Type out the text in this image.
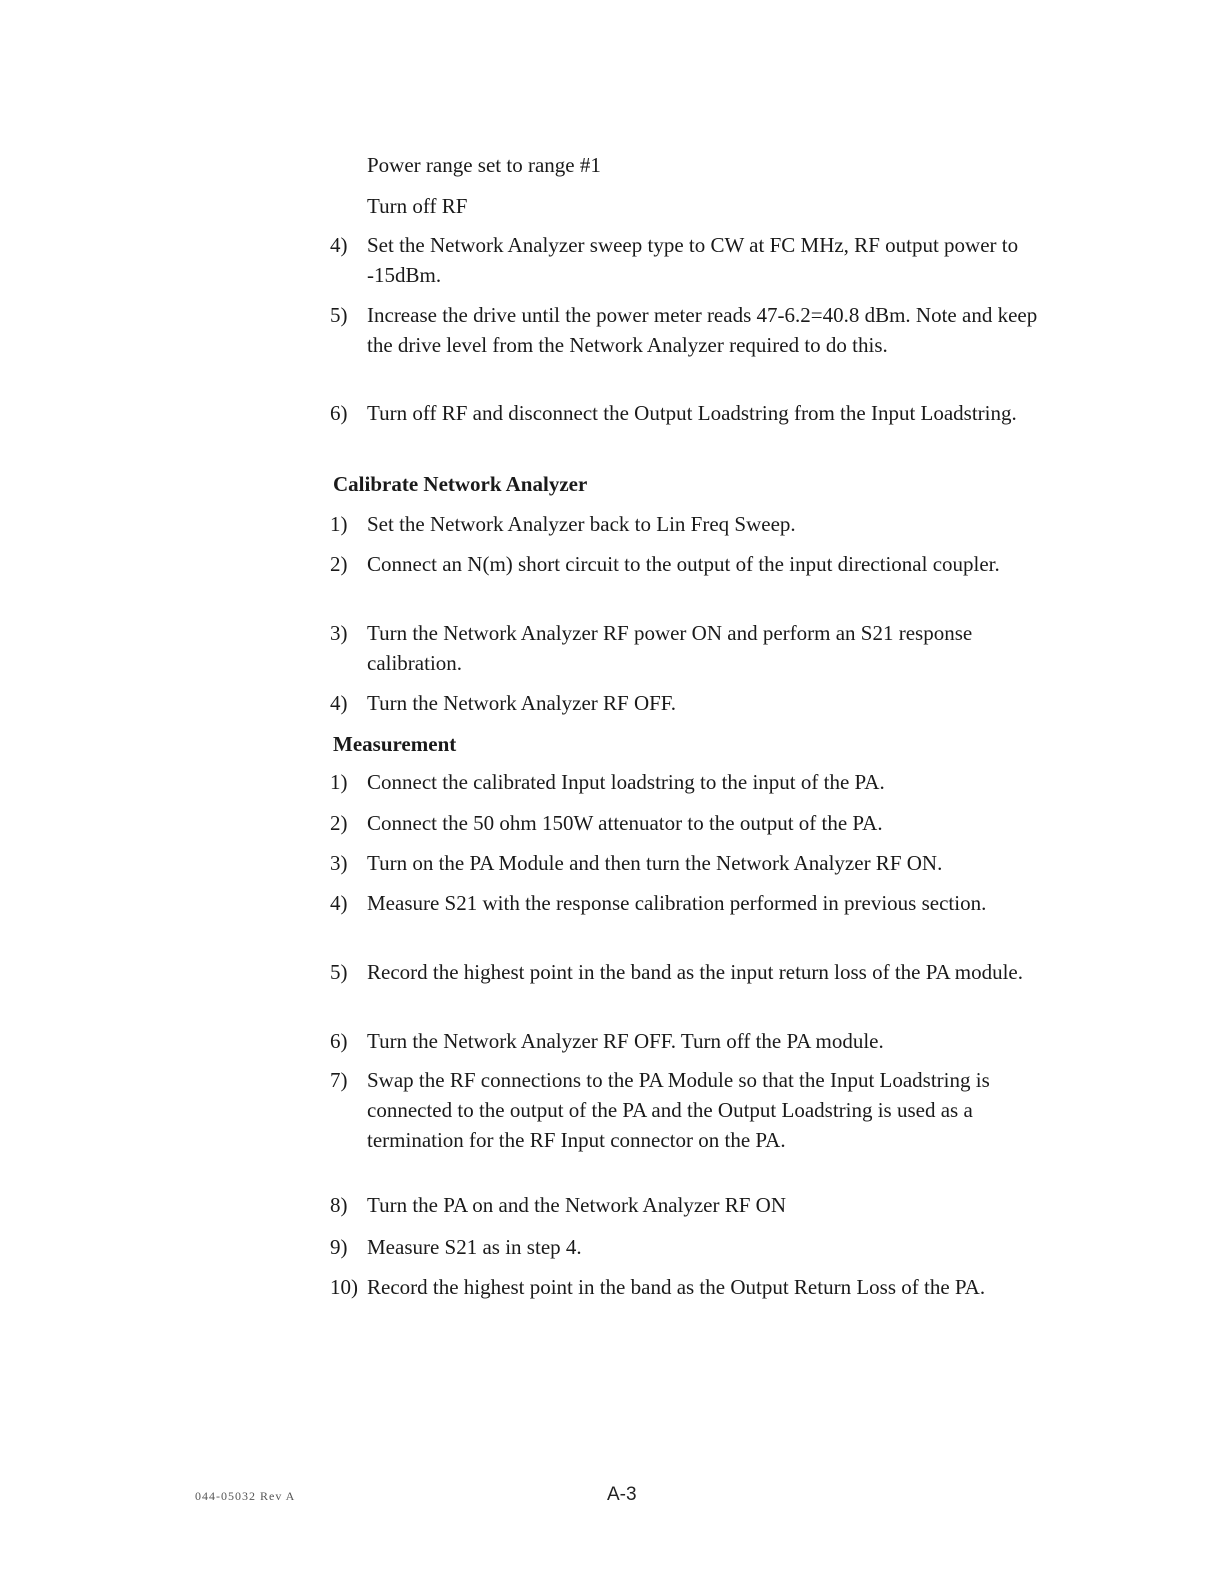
Power range set to range #1

Turn off RF

4) Set the Network Analyzer sweep type to CW at FC MHz, RF output power to -15dBm.
5) Increase the drive until the power meter reads 47-6.2=40.8 dBm. Note and keep the drive level from the Network Analyzer required to do this.
6) Turn off RF and disconnect the Output Loadstring from the Input Loadstring.
Calibrate Network Analyzer
1) Set the Network Analyzer back to Lin Freq Sweep.
2) Connect an N(m) short circuit to the output of the input directional coupler.
3) Turn the Network Analyzer RF power ON and perform an S21 response calibration.
4) Turn the Network Analyzer RF OFF.
Measurement
1) Connect the calibrated Input loadstring to the input of the PA.
2) Connect the 50 ohm 150W attenuator to the output of the PA.
3) Turn on the PA Module and then turn the Network Analyzer RF ON.
4) Measure S21 with the response calibration performed in previous section.
5) Record the highest point in the band as the input return loss of the PA module.
6) Turn the Network Analyzer RF OFF. Turn off the PA module.
7) Swap the RF connections to the PA Module so that the Input Loadstring is connected to the output of the PA and the Output Loadstring is used as a termination for the RF Input connector on the PA.
8) Turn the PA on and the Network Analyzer RF ON
9) Measure S21 as in step 4.
10) Record the highest point in the band as the Output Return Loss of the PA.
044-05032 Rev A	A-3
